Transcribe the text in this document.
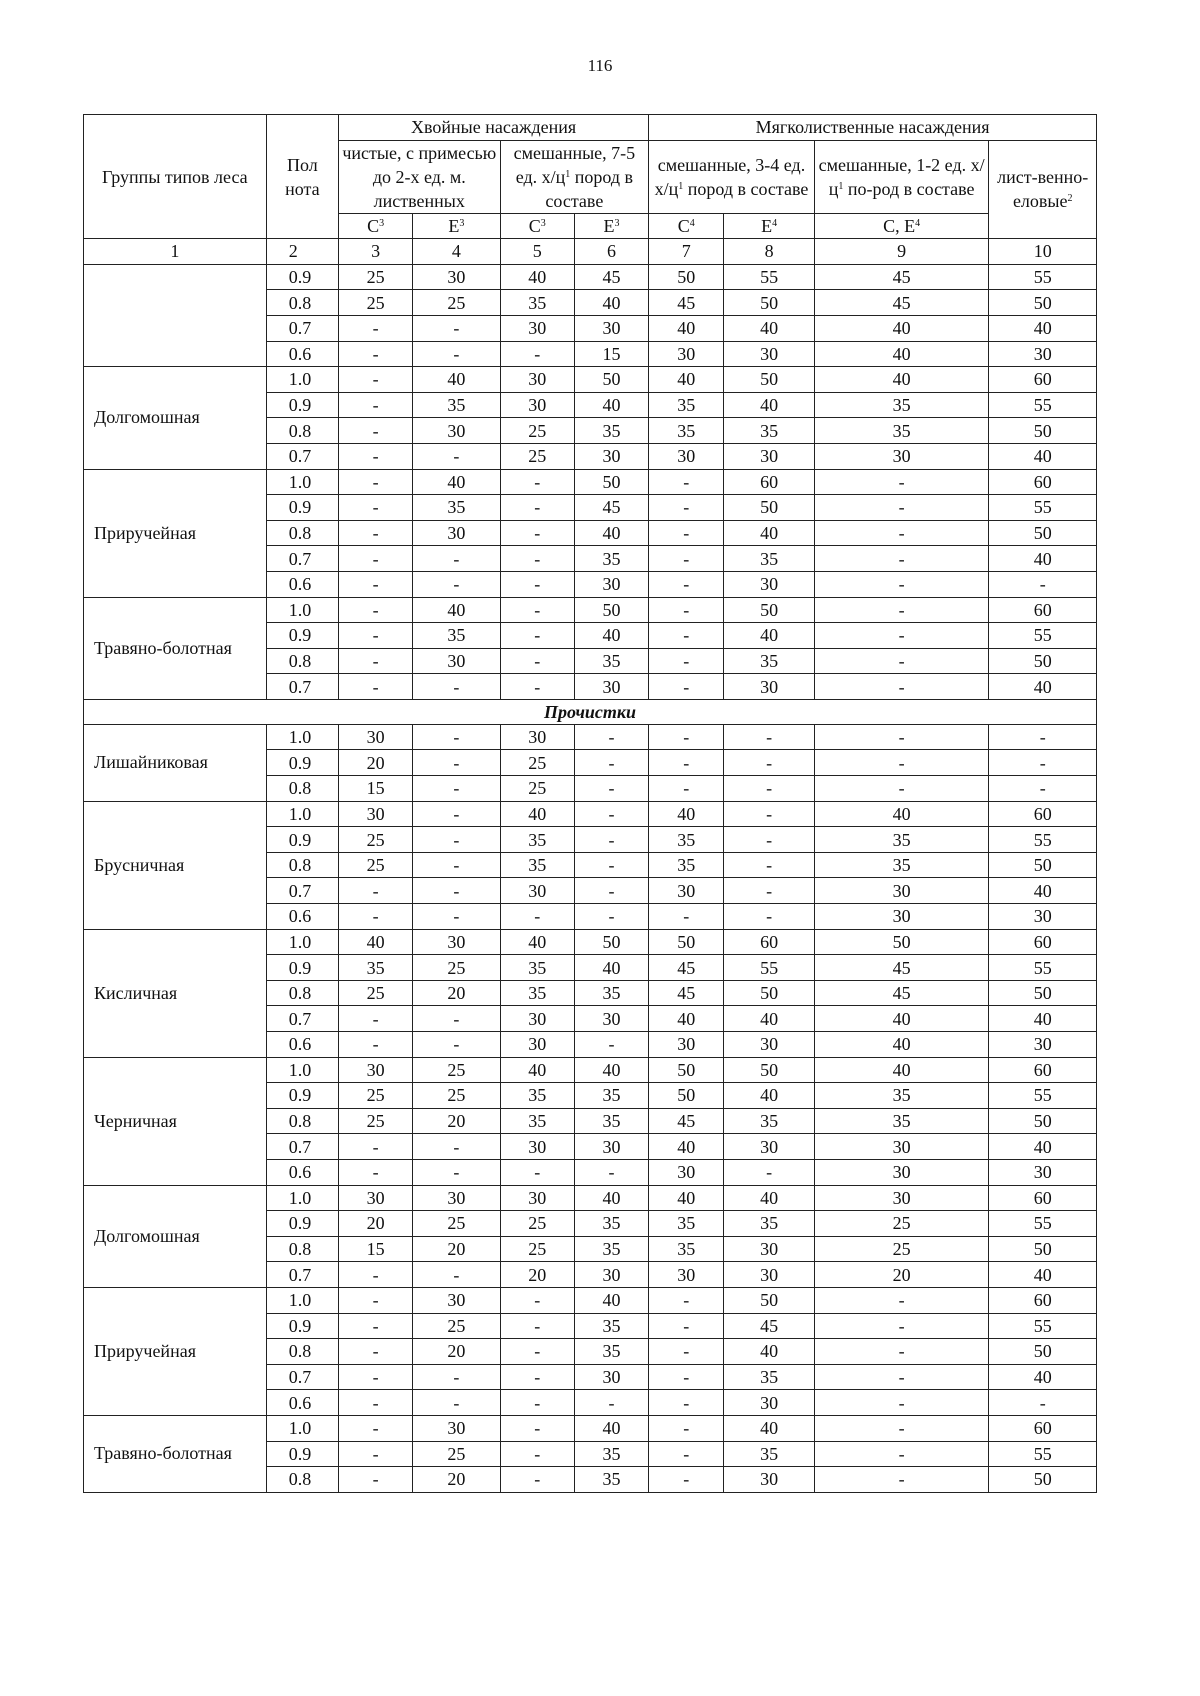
116
Группы типов леса	Пол нота	Хвойные насаждения				Мягколиственные насаждения			
		чистые, с примесью до 2-х ед. м. лиственных		смешанные, 7-5 ед. $х/ц^1$ пород в составе		смешанные, 3-4 ед. $х/ц^1$ пород в составе		смешанные, 1-2 ед. $х/ц^1$ по-род в составе	лист-венно-еловые$^2$
		$С^3$	$Е^3$	$С^3$	$Е^3$	$С^4$	$Е^4$	С, $Е^4$
1	2	3	4	5	6	7	8	9	10
	0.9	25	30	40	45	50	55	45	55
	0.8	25	25	35	40	45	50	45	50
	0.7	-	-	30	30	40	40	40	40
	0.6	-	-	-	15	30	30	40	30
Долгомошная	1.0	-	40	30	50	40	50	40	60
	0.9	-	35	30	40	35	40	35	55
	0.8	-	30	25	35	35	35	35	50
	0.7	-	-	25	30	30	30	30	40
Приручейная	1.0	-	40	-	50	-	60	-	60
	0.9	-	35	-	45	-	50	-	55
	0.8	-	30	-	40	-	40	-	50
	0.7	-	-	-	35	-	35	-	40
	0.6	-	-	-	30	-	30	-	-
Травяно-болотная	1.0	-	40	-	50	-	50	-	60
	0.9	-	35	-	40	-	40	-	55
	0.8	-	30	-	35	-	35	-	50
	0.7	-	-	-	30	-	30	-	40
Прочистки									
Лишайниковая	1.0	30	-	30	-	-	-	-	-
	0.9	20	-	25	-	-	-	-	-
	0.8	15	-	25	-	-	-	-	-
Брусничная	1.0	30	-	40	-	40	-	40	60
	0.9	25	-	35	-	35	-	35	55
	0.8	25	-	35	-	35	-	35	50
	0.7	-	-	30	-	30	-	30	40
	0.6	-	-	-	-	-	-	30	30
Кисличная	1.0	40	30	40	50	50	60	50	60
	0.9	35	25	35	40	45	55	45	55
	0.8	25	20	35	35	45	50	45	50
	0.7	-	-	30	30	40	40	40	40
	0.6	-	-	30	-	30	30	40	30
Черничная	1.0	30	25	40	40	50	50	40	60
	0.9	25	25	35	35	50	40	35	55
	0.8	25	20	35	35	45	35	35	50
	0.7	-	-	30	30	40	30	30	40
	0.6	-	-	-	-	30	-	30	30
Долгомошная	1.0	30	30	30	40	40	40	30	60
	0.9	20	25	25	35	35	35	25	55
	0.8	15	20	25	35	35	30	25	50
	0.7	-	-	20	30	30	30	20	40
Приручейная	1.0	-	30	-	40	-	50	-	60
	0.9	-	25	-	35	-	45	-	55
	0.8	-	20	-	35	-	40	-	50
	0.7	-	-	-	30	-	35	-	40
	0.6	-	-	-	-	-	30	-	-
Травяно-болотная	1.0	-	30	-	40	-	40	-	60
	0.9	-	25	-	35	-	35	-	55
	0.8	-	20	-	35	-	30	-	50
